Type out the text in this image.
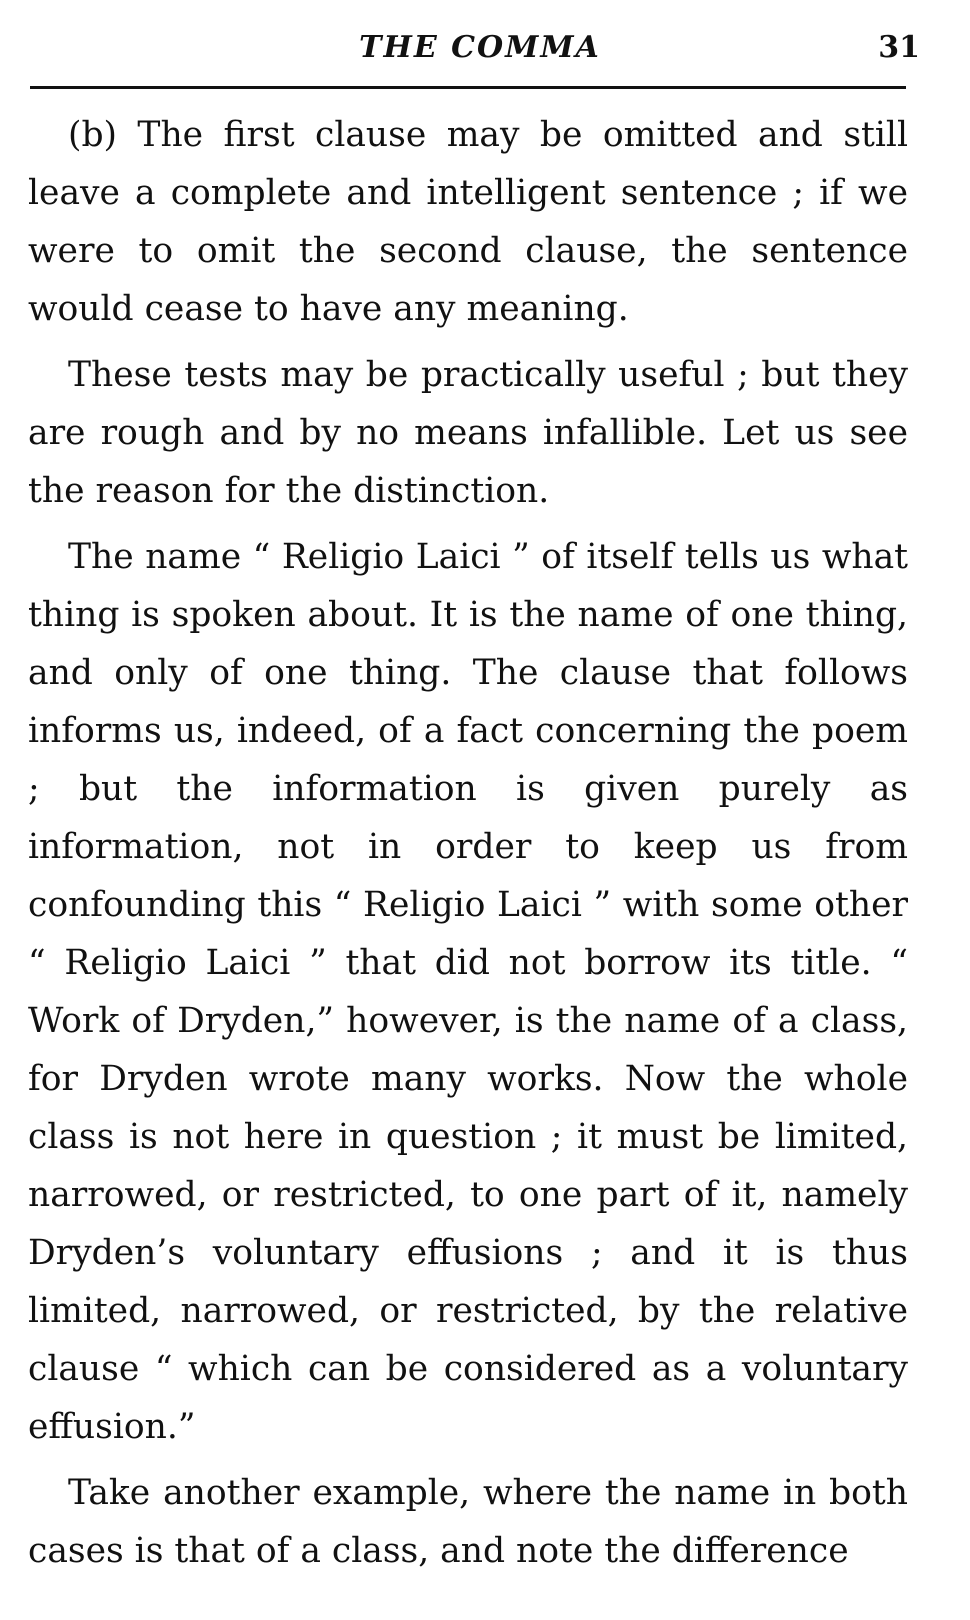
THE COMMA	31

(b) The first clause may be omitted and still leave a complete and intelligent sentence ; if we were to omit the second clause, the sentence would cease to have any meaning.

These tests may be practically useful ; but they are rough and by no means infallible. Let us see the reason for the distinction.

The name “ Religio Laici ” of itself tells us what thing is spoken about. It is the name of one thing, and only of one thing. The clause that follows informs us, indeed, of a fact concerning the poem ; but the information is given purely as information, not in order to keep us from confounding this “ Religio Laici ” with some other “ Religio Laici ” that did not borrow its title. “ Work of Dryden,” however, is the name of a class, for Dryden wrote many works. Now the whole class is not here in question ; it must be limited, narrowed, or restricted, to one part of it, namely Dryden’s voluntary effusions ; and it is thus limited, narrowed, or restricted, by the relative clause “ which can be considered as a voluntary effusion.”

Take another example, where the name in both cases is that of a class, and note the difference
